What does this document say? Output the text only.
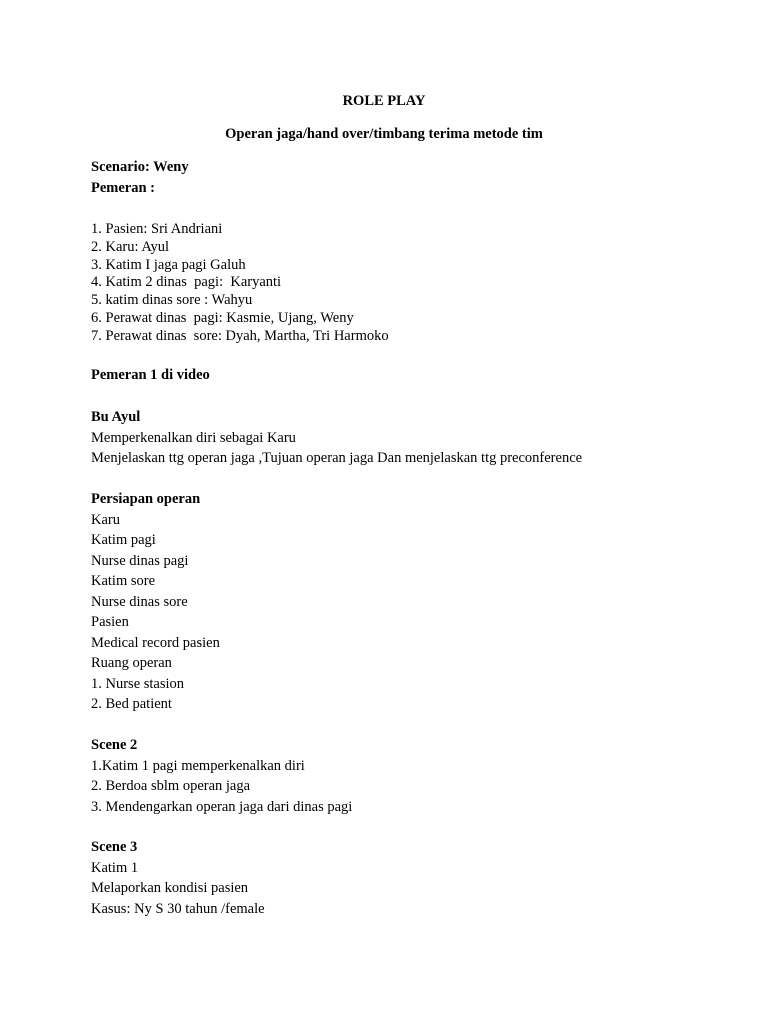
ROLE PLAY
Operan jaga/hand over/timbang terima metode tim
Scenario: Weny
Pemeran :
1. Pasien: Sri Andriani
2. Karu: Ayul
3. Katim I jaga pagi Galuh
4. Katim 2 dinas  pagi:  Karyanti
5. katim dinas sore : Wahyu
6. Perawat dinas  pagi: Kasmie, Ujang, Weny
7. Perawat dinas  sore: Dyah, Martha, Tri Harmoko
Pemeran 1 di video
Bu Ayul
Memperkenalkan diri sebagai Karu
Menjelaskan ttg operan jaga ,Tujuan operan jaga Dan menjelaskan ttg preconference
Persiapan operan
Karu
Katim pagi
Nurse dinas pagi
Katim sore
Nurse dinas sore
Pasien
Medical record pasien
Ruang operan
1. Nurse stasion
2. Bed patient
Scene 2
1.Katim 1 pagi memperkenalkan diri
2. Berdoa sblm operan jaga
3. Mendengarkan operan jaga dari dinas pagi
Scene 3
Katim 1
Melaporkan kondisi pasien
Kasus: Ny S 30 tahun /female
